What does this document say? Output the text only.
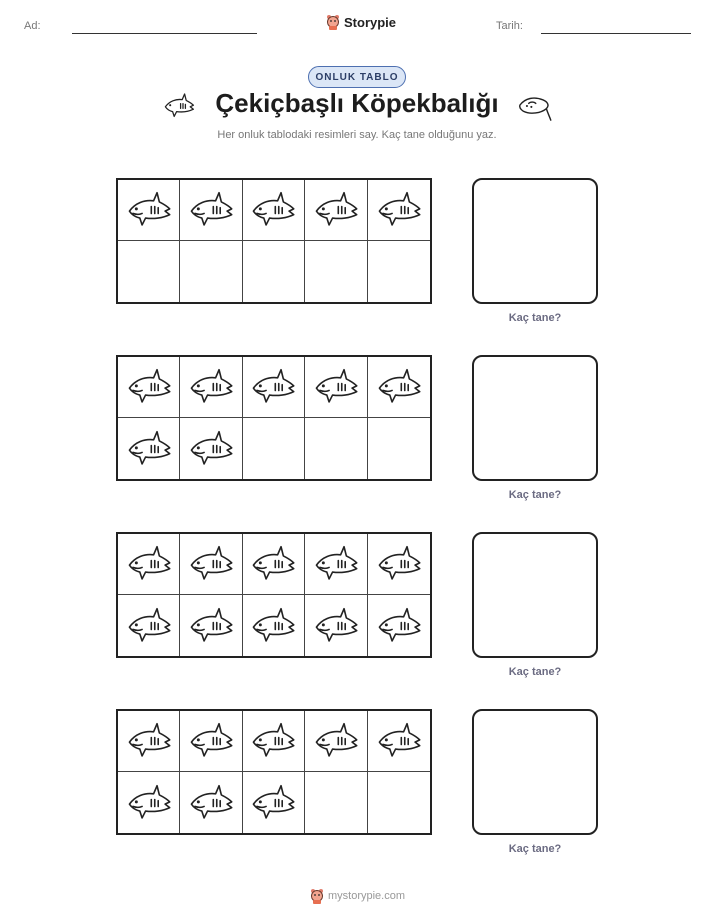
Ad:	Storypie	Tarih:
ONLUK TABLO
Çekiçbaşlı Köpekbalığı
Her onluk tablodaki resimleri say. Kaç tane olduğunu yaz.
Kaç tane?
Kaç tane?
Kaç tane?
Kaç tane?
mystorypie.com
